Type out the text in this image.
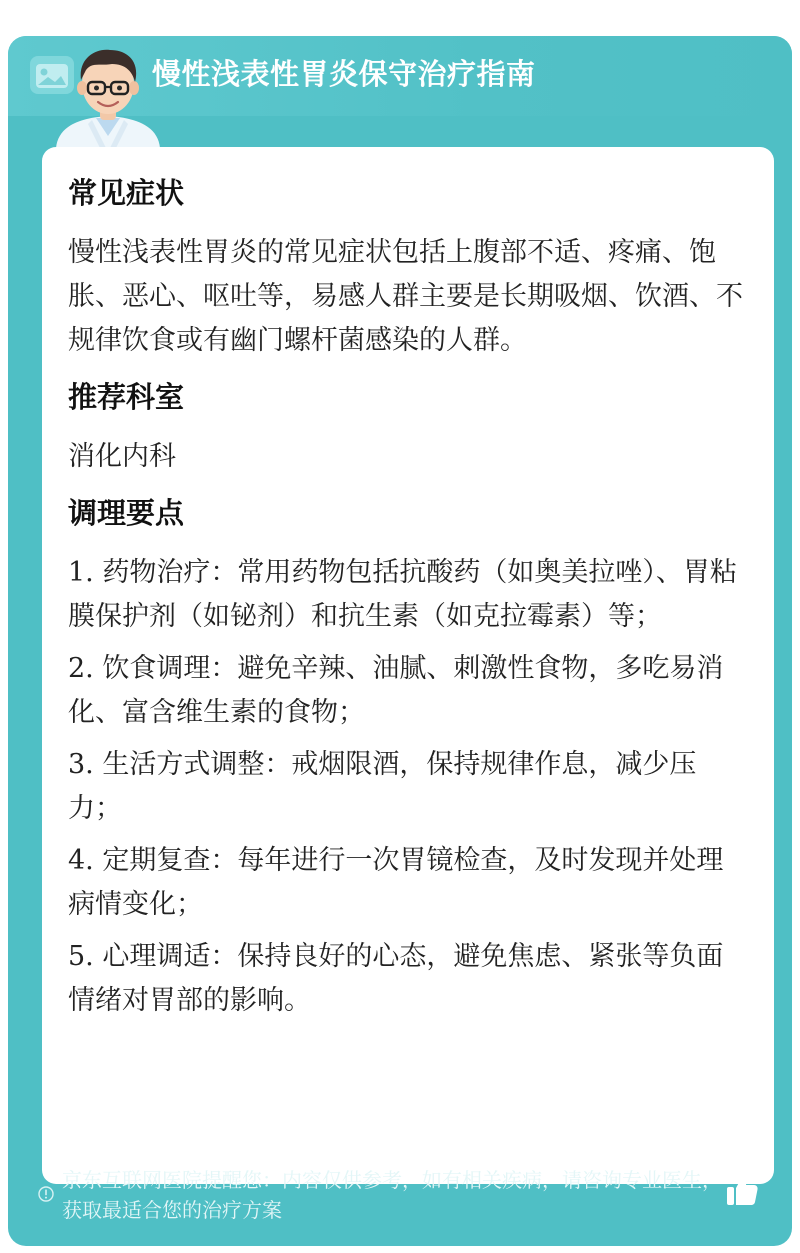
慢性浅表性胃炎保守治疗指南
常见症状

慢性浅表性胃炎的常见症状包括上腹部不适、疼痛、饱胀、恶心、呕吐等，易感人群主要是长期吸烟、饮酒、不规律饮食或有幽门螺杆菌感染的人群。

推荐科室

消化内科

调理要点

1. 药物治疗：常用药物包括抗酸药（如奥美拉唑）、胃粘膜保护剂（如铋剂）和抗生素（如克拉霉素）等；

2. 饮食调理：避免辛辣、油腻、刺激性食物，多吃易消化、富含维生素的食物；

3. 生活方式调整：戒烟限酒，保持规律作息，减少压力；

4. 定期复查：每年进行一次胃镜检查，及时发现并处理病情变化；

5. 心理调适：保持良好的心态，避免焦虑、紧张等负面情绪对胃部的影响。

京东互联网医院提醒您：内容仅供参考，如有相关疾病，请咨询专业医生，获取最适合您的治疗方案
